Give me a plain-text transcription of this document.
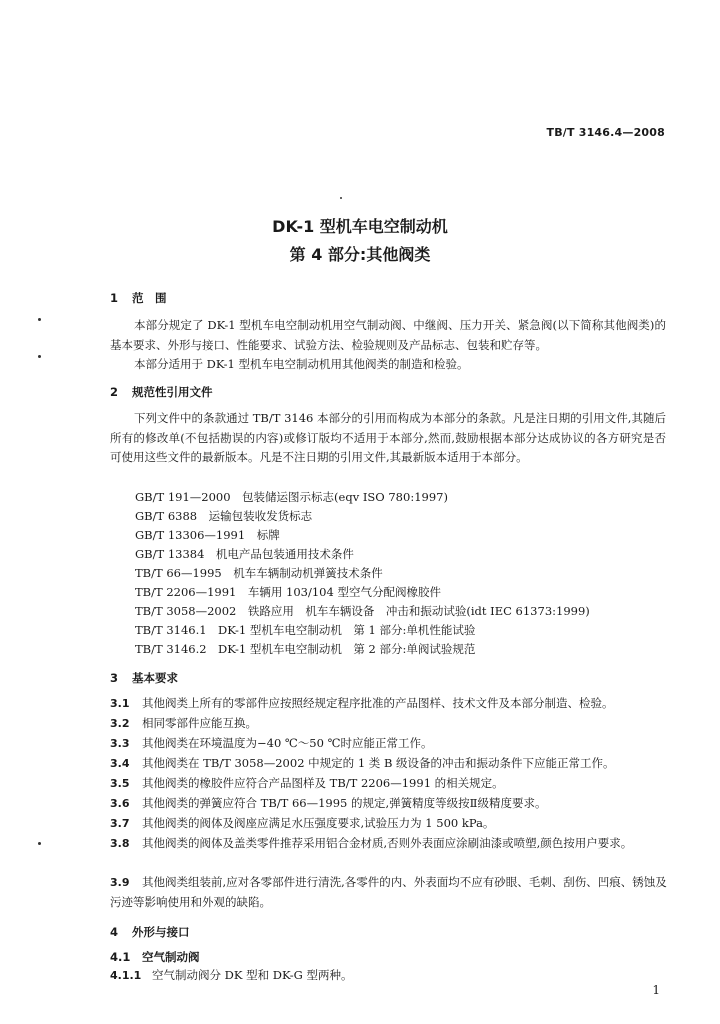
TB/T 3146.4—2008
DK-1 型机车电空制动机
第 4 部分:其他阀类
1 范　围
本部分规定了 DK-1 型机车电空制动机用空气制动阀、中继阀、压力开关、紧急阀(以下简称其他阀类)的基本要求、外形与接口、性能要求、试验方法、检验规则及产品标志、包装和贮存等。
本部分适用于 DK-1 型机车电空制动机用其他阀类的制造和检验。
2 规范性引用文件
下列文件中的条款通过 TB/T 3146 本部分的引用而构成为本部分的条款。凡是注日期的引用文件,其随后所有的修改单(不包括勘误的内容)或修订版均不适用于本部分,然而,鼓励根据本部分达成协议的各方研究是否可使用这些文件的最新版本。凡是不注日期的引用文件,其最新版本适用于本部分。
GB/T 191—2000　包装储运图示标志(eqv ISO 780:1997)
GB/T 6388　运输包装收发货标志
GB/T 13306—1991　标牌
GB/T 13384　机电产品包装通用技术条件
TB/T 66—1995　机车车辆制动机弹簧技术条件
TB/T 2206—1991　车辆用 103/104 型空气分配阀橡胶件
TB/T 3058—2002　铁路应用　机车车辆设备　冲击和振动试验(idt IEC 61373:1999)
TB/T 3146.1　DK-1 型机车电空制动机　第 1 部分:单机性能试验
TB/T 3146.2　DK-1 型机车电空制动机　第 2 部分:单阀试验规范
3 基本要求
3.1 其他阀类上所有的零部件应按照经规定程序批准的产品图样、技术文件及本部分制造、检验。
3.2 相同零部件应能互换。
3.3 其他阀类在环境温度为−40 ℃～50 ℃时应能正常工作。
3.4 其他阀类在 TB/T 3058—2002 中规定的 1 类 B 级设备的冲击和振动条件下应能正常工作。
3.5 其他阀类的橡胶件应符合产品图样及 TB/T 2206—1991 的相关规定。
3.6 其他阀类的弹簧应符合 TB/T 66—1995 的规定,弹簧精度等级按Ⅱ级精度要求。
3.7 其他阀类的阀体及阀座应满足水压强度要求,试验压力为 1 500 kPa。
3.8 其他阀类的阀体及盖类零件推荐采用铝合金材质,否则外表面应涂刷油漆或喷塑,颜色按用户要求。
3.9 其他阀类组装前,应对各零部件进行清洗,各零件的内、外表面均不应有砂眼、毛刺、刮伤、凹痕、锈蚀及污迹等影响使用和外观的缺陷。
4 外形与接口
4.1 空气制动阀
4.1.1 空气制动阀分 DK 型和 DK-G 型两种。
1
